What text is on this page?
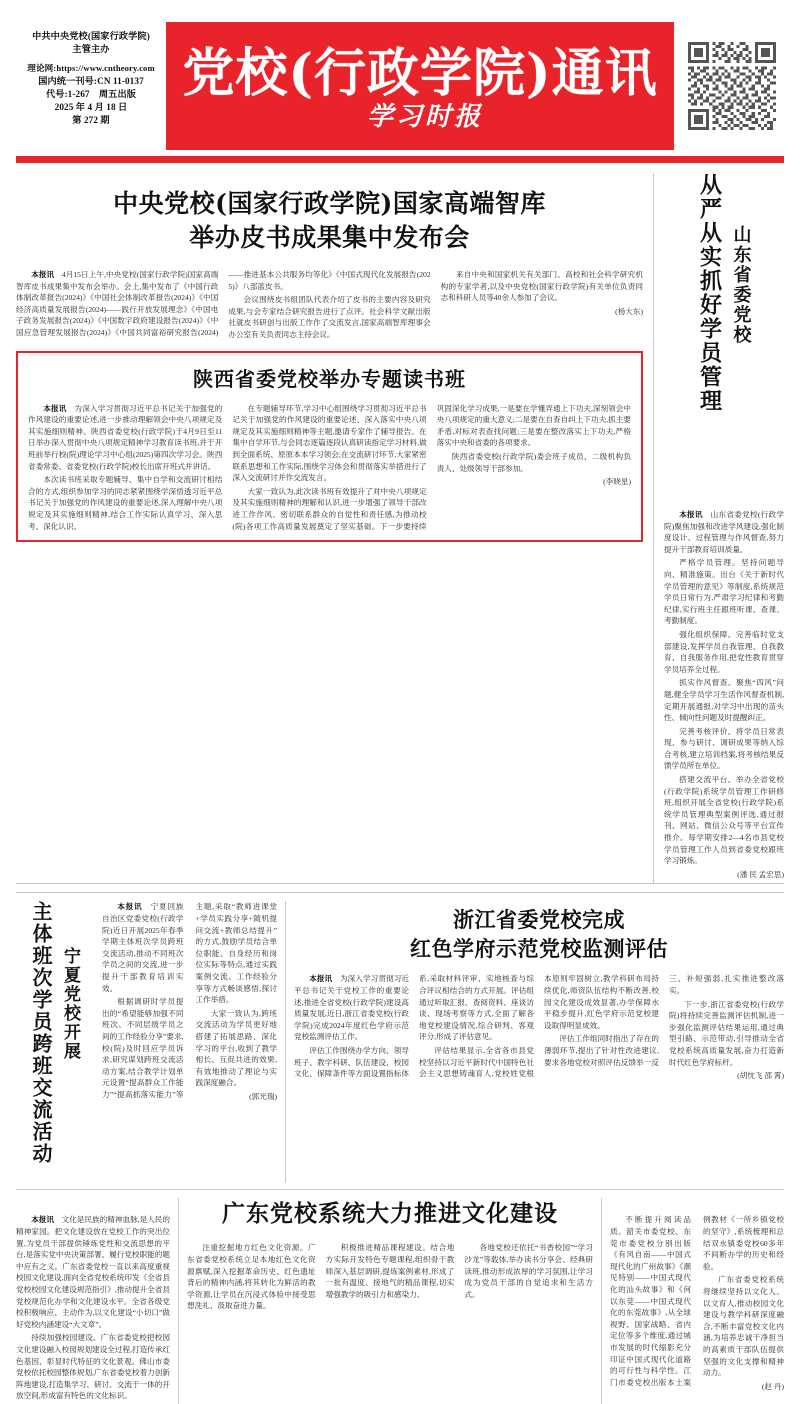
中共中央党校(国家行政学院)
主管主办
理论网:https://www.cntheory.com
国内统一刊号:CN 11-0137
代号:1-267　周五出版
2025 年 4 月 18 日
第 272 期
党校(行政学院)通讯
学习时报
中央党校(国家行政学院)国家高端智库
举办皮书成果集中发布会

本报讯　 4月15日上午,中央党校(国家行政学院)国家高端智库皮书成果集中发布会举办。会上,集中发布了《中国行政体制改革报告(2024)》《中国社会体制改革报告(2024)》《中国经济高质量发展报告(2024)——践行开放发展理念》《中国电子政务发展报告(2024)》《中国数字政府建设报告(2024)》《中国应急管理发展报告(2024)》《中国共同富裕研究报告(2024)——推进基本公共服务均等化》《中国式现代化发展报告(2025)》八部蓝皮书。

会议围绕皮书组团队代表介绍了皮书的主要内容及研究成果,与会专家结合研究报告进行了点评。社会科学文献出版社就皮书研创与出版工作作了交流发言,国家高端智库理事会办公室有关负责同志主持会议。

来自中央和国家机关有关部门、高校和社会科学研究机构的专家学者,以及中央党校(国家行政学院)有关单位负责同志和科研人员等40余人参加了会议。

(杨大东)

陕西省委党校举办专题读书班

本报讯　 为深入学习贯彻习近平总书记关于加强党的作风建设的重要论述,进一步推动理解领会中央八项规定及其实施细则精神。陕西省委党校(行政学院)于4月9日至11日举办深入贯彻中央八项规定精神学习教育读书班,并于开班前举行校(院)理论学习中心组(2025)第四次学习会。陕西省委常委、省委党校(行政学院)校长出席开班式并讲话。

本次读书班采取专题辅导、集中自学和交流研讨相结合的方式,组织参加学习的同志紧紧围绕学深悟透习近平总书记关于加强党的作风建设的重要论述,深入理解中央八项规定及其实施细则精神,结合工作实际认真学习、深入思考、深化认识。

在专题辅导环节,学习中心组围绕学习贯彻习近平总书记关于加强党的作风建设的重要论述、深入落实中央八项规定及其实施细则精神等主题,邀请专家作了辅导报告。在集中自学环节,与会同志逐篇逐段认真研读指定学习材料,做到全面系统、原原本本学习领会;在交流研讨环节,大家紧密联系思想和工作实际,围绕学习体会和贯彻落实举措进行了深入交流研讨并作交流发言。

大家一致认为,此次读书班有效提升了对中央八项规定及其实施细则精神的理解和认识,进一步增强了领导干部改进工作作风、密切联系群众的自觉性和责任感,为推动校(院)各项工作高质量发展奠定了坚实基础。下一步要持续巩固深化学习成果,一是要在学懂弄通上下功夫,深刻领会中央八项规定的重大意义;二是要在自查自纠上下功夫,抓主要矛盾,对标对表查找问题;三是要在整改落实上下功夫,严格落实中央和省委的各项要求。

陕西省委党校(行政学院)委会班子成员、二级机构负责人、处级领导干部参加。

(李晓星)

从严从实抓好学员管理 山东省委党校

本报讯　 山东省委党校(行政学院)聚焦加强和改进学风建设,强化制度设计、过程管理与作风督查,努力提升干部教育培训质量。

严格学员管理。坚持问题导向、精准施策。出台《关于新时代学员管理的意见》等制度,系统规范学员日常行为,严肃学习纪律和考勤纪律,实行班主任跟班听课、查课、考勤制度。

强化组织保障。完善临时党支部建设,发挥学员自我管理、自我教育、自我服务作用,把党性教育贯穿学员培养全过程。

抓实作风督查。聚焦“四风”问题,健全学员学习生活作风督查机制,定期开展通报,对学习中出现的苗头性、倾向性问题及时提醒纠正。

完善考核评价。将学员日常表现、参与研讨、调研成果等纳入综合考核,建立培训档案,将考核结果反馈学员所在单位。

搭建交流平台。举办全省党校(行政学院)系统学员管理工作研修班,组织开展全省党校(行政学院)系统学员管理典型案例评选,通过报刊、网站、微信公众号等平台宣传推介。每学期安排2—4名市县党校学员管理工作人员到省委党校跟班学习锻炼。

(潘 民 孟宏思)

主体班次学员跨班交流活动 宁夏党校开展

本报讯　 宁夏回族自治区党委党校(行政学院)近日开展2025年春季学期主体班次学员跨班交流活动,推动不同班次学员之间的交流,进一步提升干部教育培训实效。

根据调研时学员提出的“希望能够加强不同班次、不同层级学员之间的工作经验分享”要求,校(院)及时回应学员诉求,研究谋划跨班交流活动方案,结合教学计划单元设置“提高群众工作能力”“提高抓落实能力”等主题,采取“教师进课堂+学员实践分享+随机提问交流+教师总结提升”的方式,鼓励学员结合单位职能、自身经历和岗位实际等特点,通过实践案例交流、工作经验分享等方式畅谈感悟,探讨工作举措。

大家一致认为,跨班交流活动为学员更好地搭建了拓展思路、深化学习的平台,收到了教学相长、互促共进的效果,有效地推动了理论与实践深度融合。

(郭光瑞)

浙江省委党校完成
红色学府示范党校监测评估

本报讯　 为深入学习贯彻习近平总书记关于党校工作的重要论述,推进全省党校(行政学院)建设高质量发展,近日,浙江省委党校(行政学院)完成2024年度红色学府示范党校监测评估工作。

评估工作围绕办学方向、领导班子、教学科研、队伍建设、校园文化、保障条件等方面设置指标体系,采取材料评审、实地核查与综合评议相结合的方式开展。评估组通过听取汇报、查阅资料、座谈访谈、现场考察等方式,全面了解各地党校建设情况,综合研判、客观评分,形成了评估意见。

评估结果显示,全省各市县党校坚持以习近平新时代中国特色社会主义思想铸魂育人,党校姓党根本原则牢固树立,教学科研布局持续优化,师资队伍结构不断改善,校园文化建设成效显著,办学保障水平稳步提升,红色学府示范党校建设取得明显成效。

评估工作组同时指出了存在的薄弱环节,提出了针对性改进建议,要求各地党校对照评估反馈举一反三、补短强弱,扎实推进整改落实。

下一步,浙江省委党校(行政学院)将持续完善监测评估机制,进一步强化监测评估结果运用,通过典型引路、示范带动,引导推动全省党校系统高质量发展,奋力打造新时代红色学府标杆。

(胡忱飞 邵 霄)

本报讯　 文化是民族的精神血脉,是人民的精神家园。把文化建设放在党校工作的突出位置,为党员干部提供锤炼党性和交流思想的平台,是落实党中央决策部署、履行党校职能的题中应有之义。广东省委党校一直以来高度重视校园文化建设,面向全省党校系统印发《全省县党校校园文化建设规范指引》,推动提升全省县党校规范化办学和文化建设水平。全省各级党校积极响应、主动作为,以文化建设“小切口”做好党校内涵建设“大文章”。

持续加强校园建设。广东省委党校把校园文化建设融入校园规划建设全过程,打造传承红色基因、彰显时代特征的文化景观。佛山市委党校依托校园整体规划,广东省委党校着力创新阵地建设,打造集学习、研讨、交流于一体的开放空间,形成富有特色的文化标识。

广东党校系统大力推进文化建设

注重挖掘地方红色文化资源。广东省委党校系统立足本地红色文化资源禀赋,深入挖掘革命历史、红色遗址背后的精神内涵,将其转化为鲜活的教学资源,让学员在沉浸式体验中接受思想洗礼、汲取奋进力量。

积极推进精品课程建设。结合地方实际开发特色专题课程,组织骨干教师深入基层调研,提炼案例素材,形成了一批有温度、接地气的精品课程,切实增强教学的吸引力和感染力。

各地党校还依托“书香校园”“学习沙龙”等载体,举办读书分享会、经典研读班,推动形成浓厚的学习氛围,让学习成为党员干部的自觉追求和生活方式。

不断提升阅读品质。韶关市委党校、东莞市委党校分别出版《有风自南——中国式现代化的广州故事》《潮见特别——中国式现代化的汕头故事》和《何以东莞——中国式现代化的东莞故事》,从全球视野、国家战略、省内定位等多个维度,通过城市发展的时代缩影充分印证中国式现代化道路的可行性与科学性。江门市委党校出版本土案例教材《一所乡镇党校的坚守》,系统梳理和总结双水镇委党校60多年不间断办学的历史和经验。

广东省委党校系统将继续坚持以文化人、以文育人,推动校园文化建设与教学科研深度融合,不断丰富党校文化内涵,为培养忠诚干净担当的高素质干部队伍提供坚强的文化支撑和精神动力。

(赵 丹)
